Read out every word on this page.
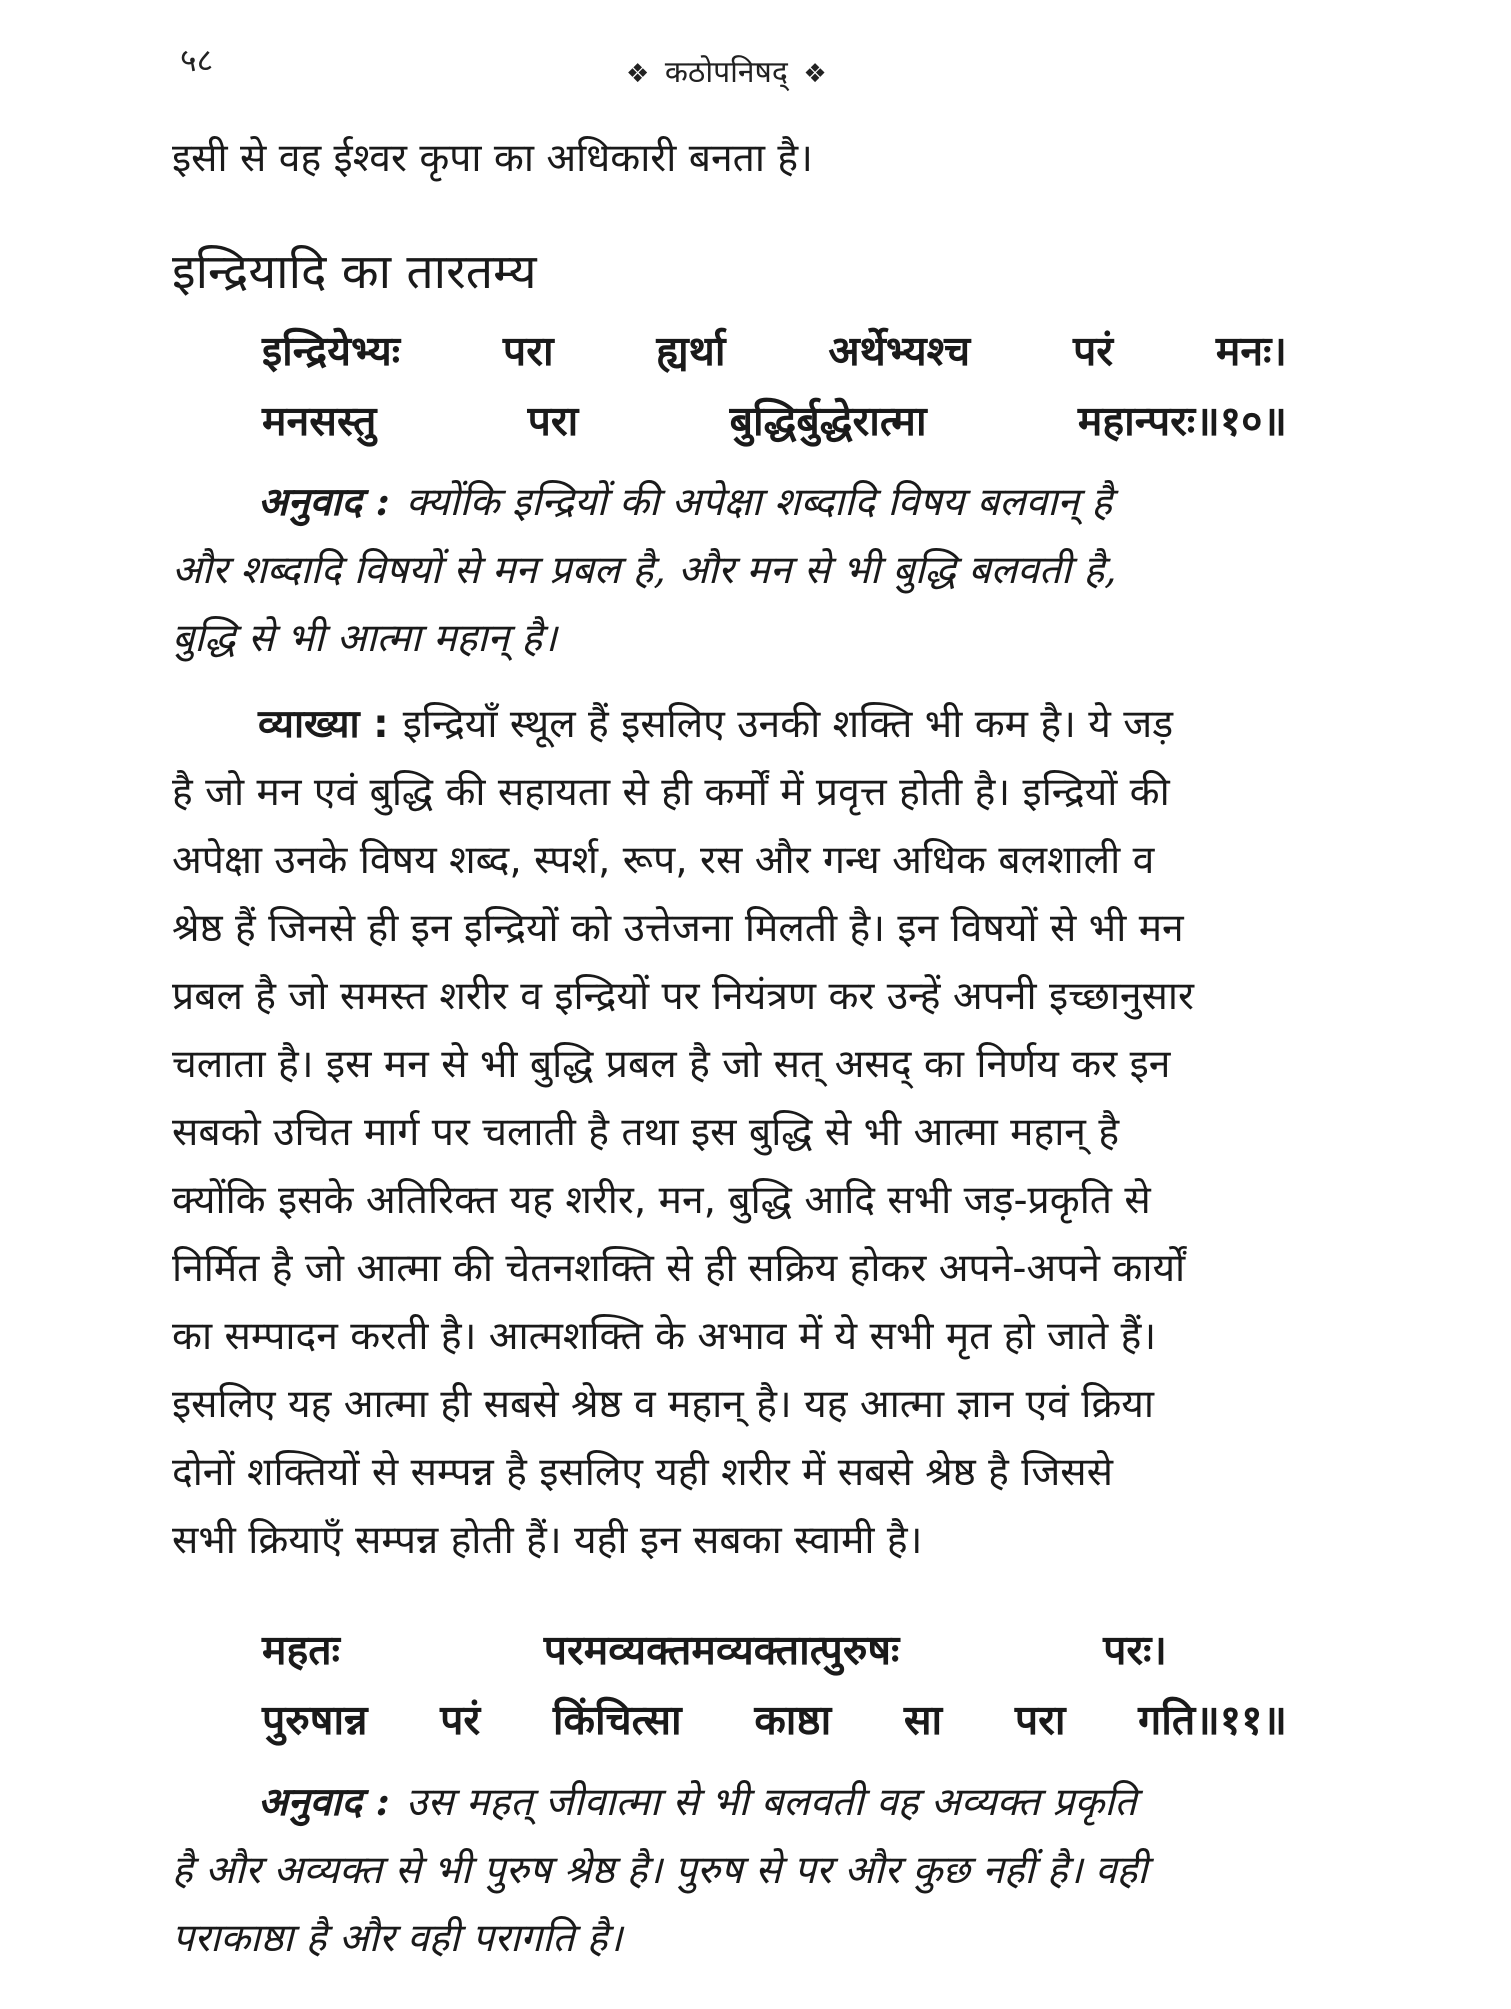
५८	❖ कठोपनिषद् ❖
इसी से वह ईश्वर कृपा का अधिकारी बनता है।
इन्द्रियादि का तारतम्य
इन्द्रियेभ्यः	परा	ह्यर्था	अर्थेभ्यश्च	परं	मनः।
मनसस्तु	परा	बुद्धिर्बुद्धेरात्मा	महान्परः॥१०॥
अनुवाद : क्योंकि इन्द्रियों की अपेक्षा शब्दादि विषय बलवान् है
और शब्दादि विषयों से मन प्रबल है, और मन से भी बुद्धि बलवती है,
बुद्धि से भी आत्मा महान् है।
व्याख्या : इन्द्रियाँ स्थूल हैं इसलिए उनकी शक्ति भी कम है। ये जड़
है जो मन एवं बुद्धि की सहायता से ही कर्मों में प्रवृत्त होती है। इन्द्रियों की
अपेक्षा उनके विषय शब्द, स्पर्श, रूप, रस और गन्ध अधिक बलशाली व
श्रेष्ठ हैं जिनसे ही इन इन्द्रियों को उत्तेजना मिलती है। इन विषयों से भी मन
प्रबल है जो समस्त शरीर व इन्द्रियों पर नियंत्रण कर उन्हें अपनी इच्छानुसार
चलाता है। इस मन से भी बुद्धि प्रबल है जो सत् असद् का निर्णय कर इन
सबको उचित मार्ग पर चलाती है तथा इस बुद्धि से भी आत्मा महान् है
क्योंकि इसके अतिरिक्त यह शरीर, मन, बुद्धि आदि सभी जड़-प्रकृति से
निर्मित है जो आत्मा की चेतनशक्ति से ही सक्रिय होकर अपने-अपने कार्यों
का सम्पादन करती है। आत्मशक्ति के अभाव में ये सभी मृत हो जाते हैं।
इसलिए यह आत्मा ही सबसे श्रेष्ठ व महान् है। यह आत्मा ज्ञान एवं क्रिया
दोनों शक्तियों से सम्पन्न है इसलिए यही शरीर में सबसे श्रेष्ठ है जिससे
सभी क्रियाएँ सम्पन्न होती हैं। यही इन सबका स्वामी है।
महतः	परमव्यक्तमव्यक्तात्पुरुषः	परः।
पुरुषान्न परं किंचित्सा काष्ठा सा परा गति॥११॥
अनुवाद : उस महत् जीवात्मा से भी बलवती वह अव्यक्त प्रकृति
है और अव्यक्त से भी पुरुष श्रेष्ठ है। पुरुष से पर और कुछ नहीं है। वही
पराकाष्ठा है और वही परागति है।
